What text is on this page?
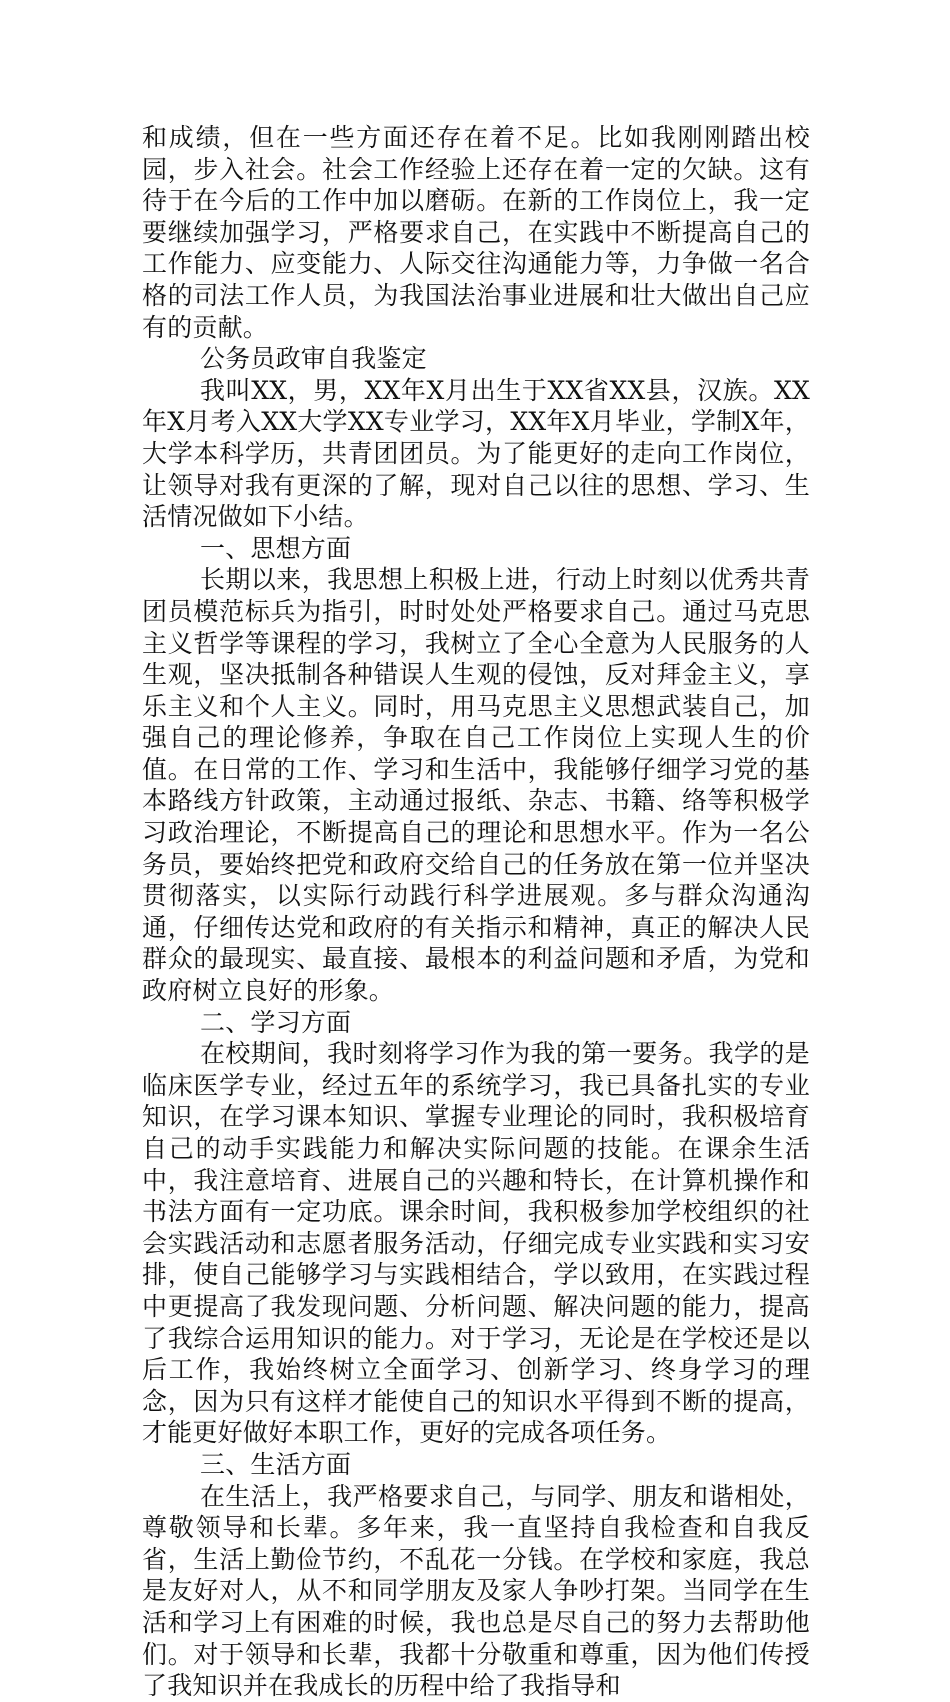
和成绩，但在一些方面还存在着不足。比如我刚刚踏出校园，步入社会。社会工作经验上还存在着一定的欠缺。这有待于在今后的工作中加以磨砺。在新的工作岗位上，我一定要继续加强学习，严格要求自己，在实践中不断提高自己的工作能力、应变能力、人际交往沟通能力等，力争做一名合格的司法工作人员，为我国法治事业进展和壮大做出自己应有的贡献。

公务员政审自我鉴定

我叫XX，男，XX年X月出生于XX省XX县，汉族。XX年X月考入XX大学XX专业学习，XX年X月毕业，学制X年，大学本科学历，共青团团员。为了能更好的走向工作岗位，让领导对我有更深的了解，现对自己以往的思想、学习、生活情况做如下小结。

一、思想方面

长期以来，我思想上积极上进，行动上时刻以优秀共青团员模范标兵为指引，时时处处严格要求自己。通过马克思主义哲学等课程的学习，我树立了全心全意为人民服务的人生观，坚决抵制各种错误人生观的侵蚀，反对拜金主义，享乐主义和个人主义。同时，用马克思主义思想武装自己，加强自己的理论修养，争取在自己工作岗位上实现人生的价值。在日常的工作、学习和生活中，我能够仔细学习党的基本路线方针政策，主动通过报纸、杂志、书籍、络等积极学习政治理论，不断提高自己的理论和思想水平。作为一名公务员，要始终把党和政府交给自己的任务放在第一位并坚决贯彻落实，以实际行动践行科学进展观。多与群众沟通沟通，仔细传达党和政府的有关指示和精神，真正的解决人民群众的最现实、最直接、最根本的利益问题和矛盾，为党和政府树立良好的形象。

二、学习方面

在校期间，我时刻将学习作为我的第一要务。我学的是临床医学专业，经过五年的系统学习，我已具备扎实的专业知识，在学习课本知识、掌握专业理论的同时，我积极培育自己的动手实践能力和解决实际问题的技能。在课余生活中，我注意培育、进展自己的兴趣和特长，在计算机操作和书法方面有一定功底。课余时间，我积极参加学校组织的社会实践活动和志愿者服务活动，仔细完成专业实践和实习安排，使自己能够学习与实践相结合，学以致用，在实践过程中更提高了我发现问题、分析问题、解决问题的能力，提高了我综合运用知识的能力。对于学习，无论是在学校还是以后工作，我始终树立全面学习、创新学习、终身学习的理念，因为只有这样才能使自己的知识水平得到不断的提高，才能更好做好本职工作，更好的完成各项任务。

三、生活方面

在生活上，我严格要求自己，与同学、朋友和谐相处，尊敬领导和长辈。多年来，我一直坚持自我检查和自我反省，生活上勤俭节约，不乱花一分钱。在学校和家庭，我总是友好对人，从不和同学朋友及家人争吵打架。当同学在生活和学习上有困难的时候，我也总是尽自己的努力去帮助他们。对于领导和长辈，我都十分敬重和尊重，因为他们传授了我知识并在我成长的历程中给了我指导和
